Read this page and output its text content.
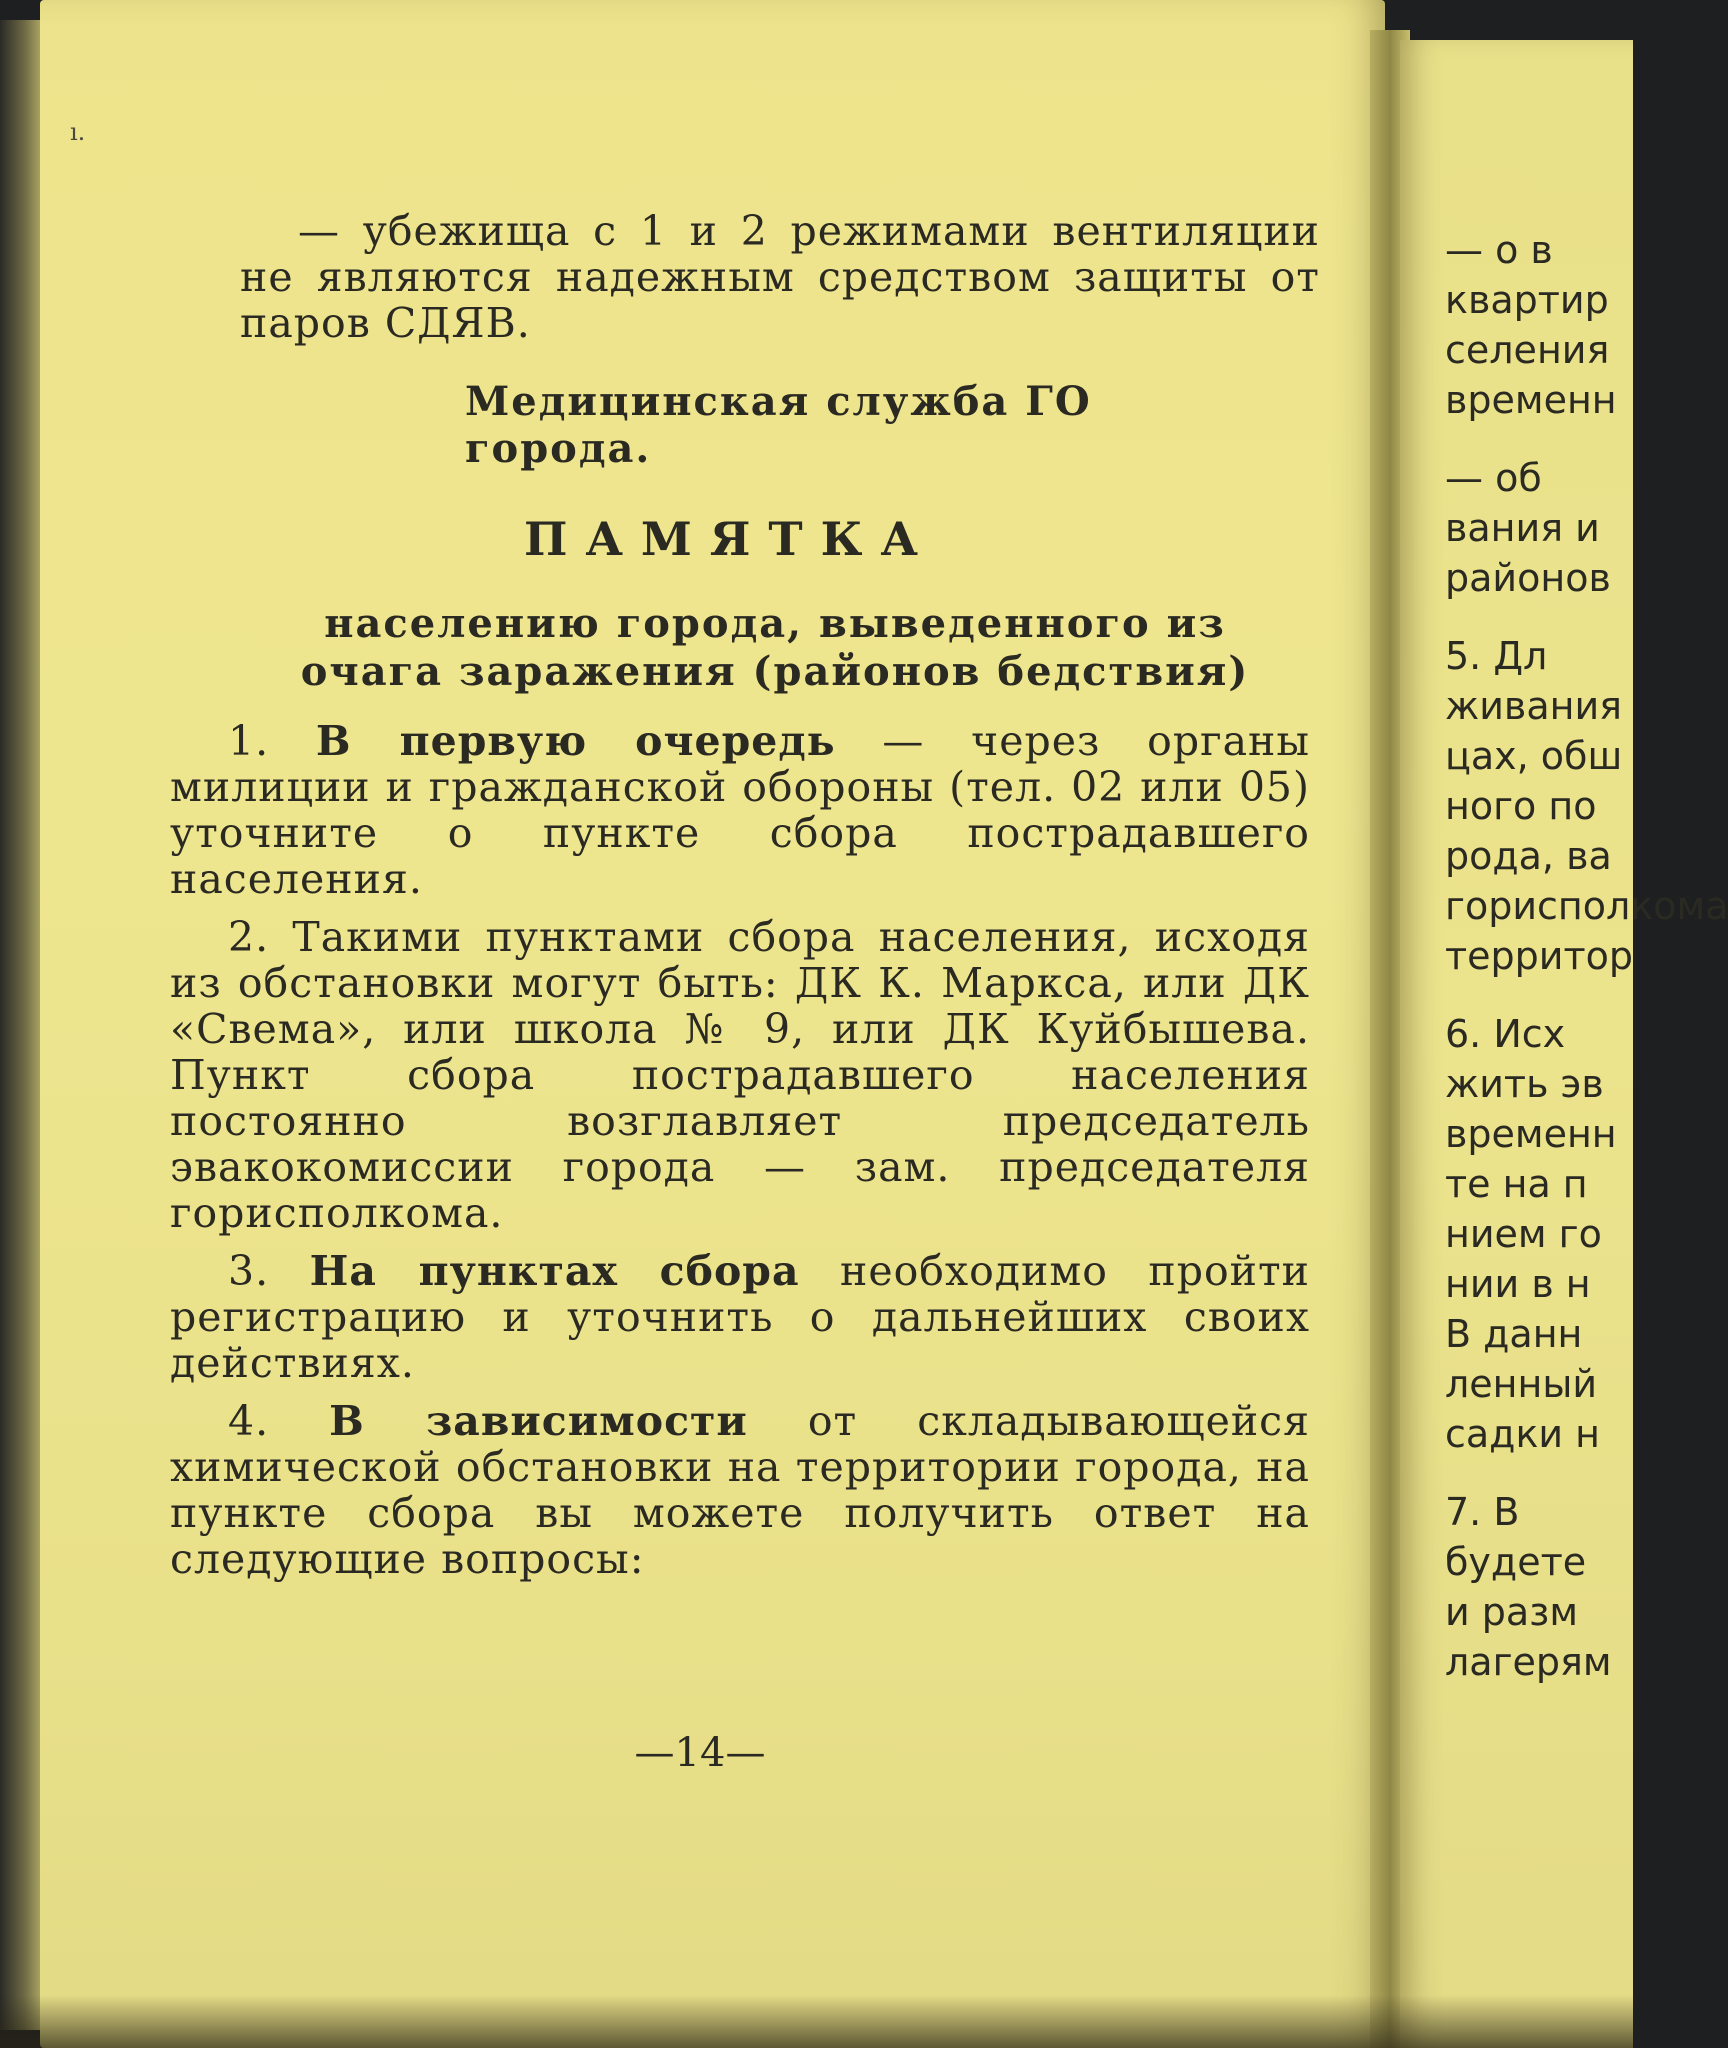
ı.

— убежища с 1 и 2 режимами вентиляции не являются надежным средством защиты от паров СДЯВ.

Медицинская служба ГО города.
ПАМЯТКА
населению города, выведенного из очага заражения (районов бедствия)

1. В первую очередь — через органы милиции и гражданской обороны (тел. 02 или 05) уточните о пункте сбора пострадавшего населения.

2. Такими пунктами сбора населения, исходя из обстановки могут быть: ДК К. Маркса, или ДК «Свема», или школа № 9, или ДК Куйбышева. Пункт сбора пострадавшего населения постоянно возглавляет председатель эвакокомиссии города — зам. председателя горисполкома.

3. На пунктах сбора необходимо пройти регистрацию и уточнить о дальнейших своих действиях.

4. В зависимости от складывающейся химической обстановки на территории города, на пункте сбора вы можете получить ответ на следующие вопросы:

—14—
— о в
квартир
селения
временн
— об
вания и
районов
5. Дл
живания
цах, обш
ного по
рода, ва
горисполкома
территор
6. Исх
жить эв
временн
те на п
нием го
нии в н
В данн
ленный
садки н
7. В
будете
и разм
лагерям
